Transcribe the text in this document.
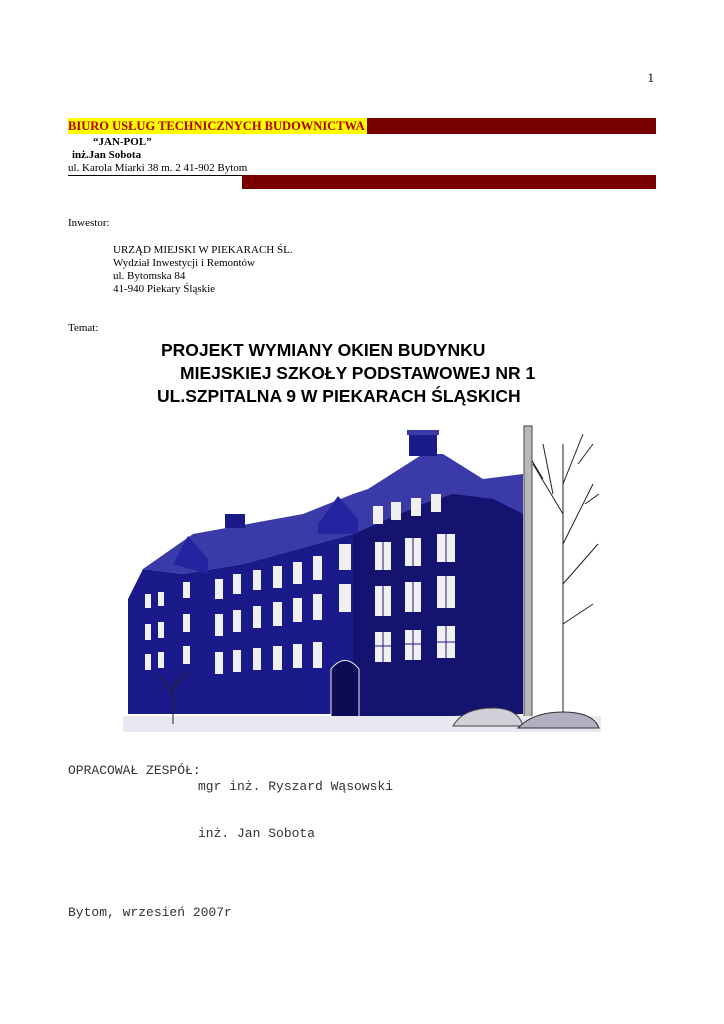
1
BIURO USŁUG TECHNICZNYCH BUDOWNICTWA
“JAN-POL”
inż.Jan Sobota
ul. Karola Miarki 38 m. 2 41-902 Bytom
Inwestor:
URZĄD MIEJSKI W PIEKARACH ŚL.
Wydział Inwestycji i Remontów
ul. Bytomska 84
41-940 Piekary Śląskie
Temat:
PROJEKT WYMIANY OKIEN BUDYNKU
MIEJSKIEJ SZKOŁY PODSTAWOWEJ NR 1
UL.SZPITALNA 9 W PIEKARACH ŚLĄSKICH
OPRACOWAŁ ZESPÓŁ:
mgr inż. Ryszard Wąsowski
inż. Jan Sobota
Bytom, wrzesień 2007r
